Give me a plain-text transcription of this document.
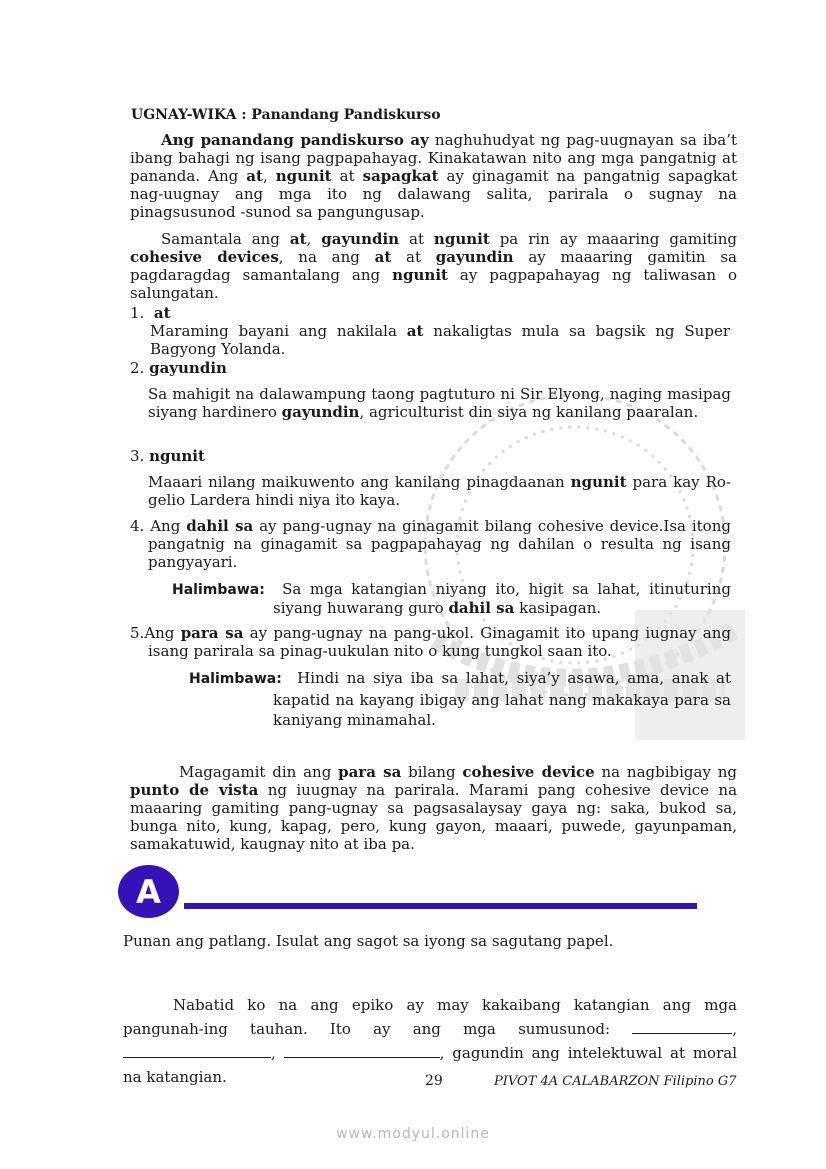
UGNAY-WIKA : Panandang Pandiskurso
Ang panandang pandiskurso ay naghuhudyat ng pag-uugnayan sa iba’t ibang bahagi ng isang pagpapahayag. Kinakatawan nito ang mga pangatnig at pananda. Ang at, ngunit at sapagkat ay ginagamit na pangatnig sapagkat nag-uugnay ang mga ito ng dalawang salita, parirala o sugnay na pinagsusunod -sunod sa pangungusap.
Samantala ang at, gayundin at ngunit pa rin ay maaaring gamiting cohesive devices, na ang at at gayundin ay maaaring gamitin sa pagdaragdag samantalang ang ngunit ay pagpapahayag ng taliwasan o salungatan.
1. at
Maraming bayani ang nakilala at nakaligtas mula sa bagsik ng Super Bagyong Yolanda.
2. gayundin
Sa mahigit na dalawampung taong pagtuturo ni Sir Elyong, naging masipag siyang hardinero gayundin, agriculturist din siya ng kanilang paaralan.
3. ngunit
Maaari nilang maikuwento ang kanilang pinagdaanan ngunit para kay Ro-gelio Lardera hindi niya ito kaya.
4. Ang dahil sa ay pang-ugnay na ginagamit bilang cohesive device.Isa itong pangatnig na ginagamit sa pagpapahayag ng dahilan o resulta ng isang pangyayari.
Halimbawa: Sa mga katangian niyang ito, higit sa lahat, itinuturing siyang huwarang guro dahil sa kasipagan.
5.Ang para sa ay pang-ugnay na pang-ukol. Ginagamit ito upang iugnay ang isang parirala sa pinag-uukulan nito o kung tungkol saan ito.
Halimbawa: Hindi na siya iba sa lahat, siya’y asawa, ama, anak at kapatid na kayang ibigay ang lahat nang makakaya para sa kaniyang minamahal.
Magagamit din ang para sa bilang cohesive device na nagbibigay ng punto de vista ng iuugnay na parirala. Marami pang cohesive device na maaaring gamiting pang-ugnay sa pagsasalaysay gaya ng: saka, bukod sa, bunga nito, kung, kapag, pero, kung gayon, maaari, puwede, gayunpaman, samakatuwid, kaugnay nito at iba pa.
A
Punan ang patlang. Isulat ang sagot sa iyong sa sagutang papel.
Nabatid ko na ang epiko ay may kakaibang katangian ang mga pangunah-ing tauhan. Ito ay ang mga sumusunod:	, ,	, gagundin ang intelektuwal at moral na katangian.	29	PIVOT 4A CALABARZON Filipino G7
www.modyul.online
